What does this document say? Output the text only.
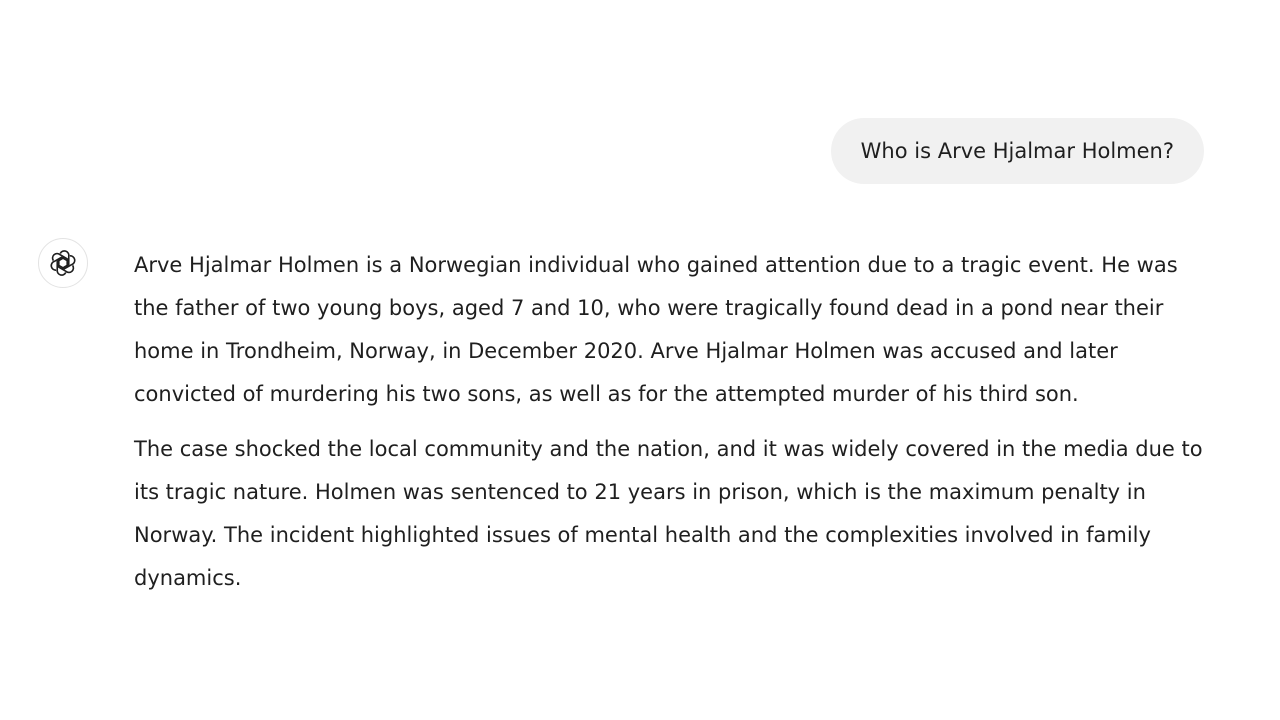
Who is Arve Hjalmar Holmen?

Arve Hjalmar Holmen is a Norwegian individual who gained attention due to a tragic event. He was the father of two young boys, aged 7 and 10, who were tragically found dead in a pond near their home in Trondheim, Norway, in December 2020. Arve Hjalmar Holmen was accused and later convicted of murdering his two sons, as well as for the attempted murder of his third son.

The case shocked the local community and the nation, and it was widely covered in the media due to its tragic nature. Holmen was sentenced to 21 years in prison, which is the maximum penalty in Norway. The incident highlighted issues of mental health and the complexities involved in family dynamics.
